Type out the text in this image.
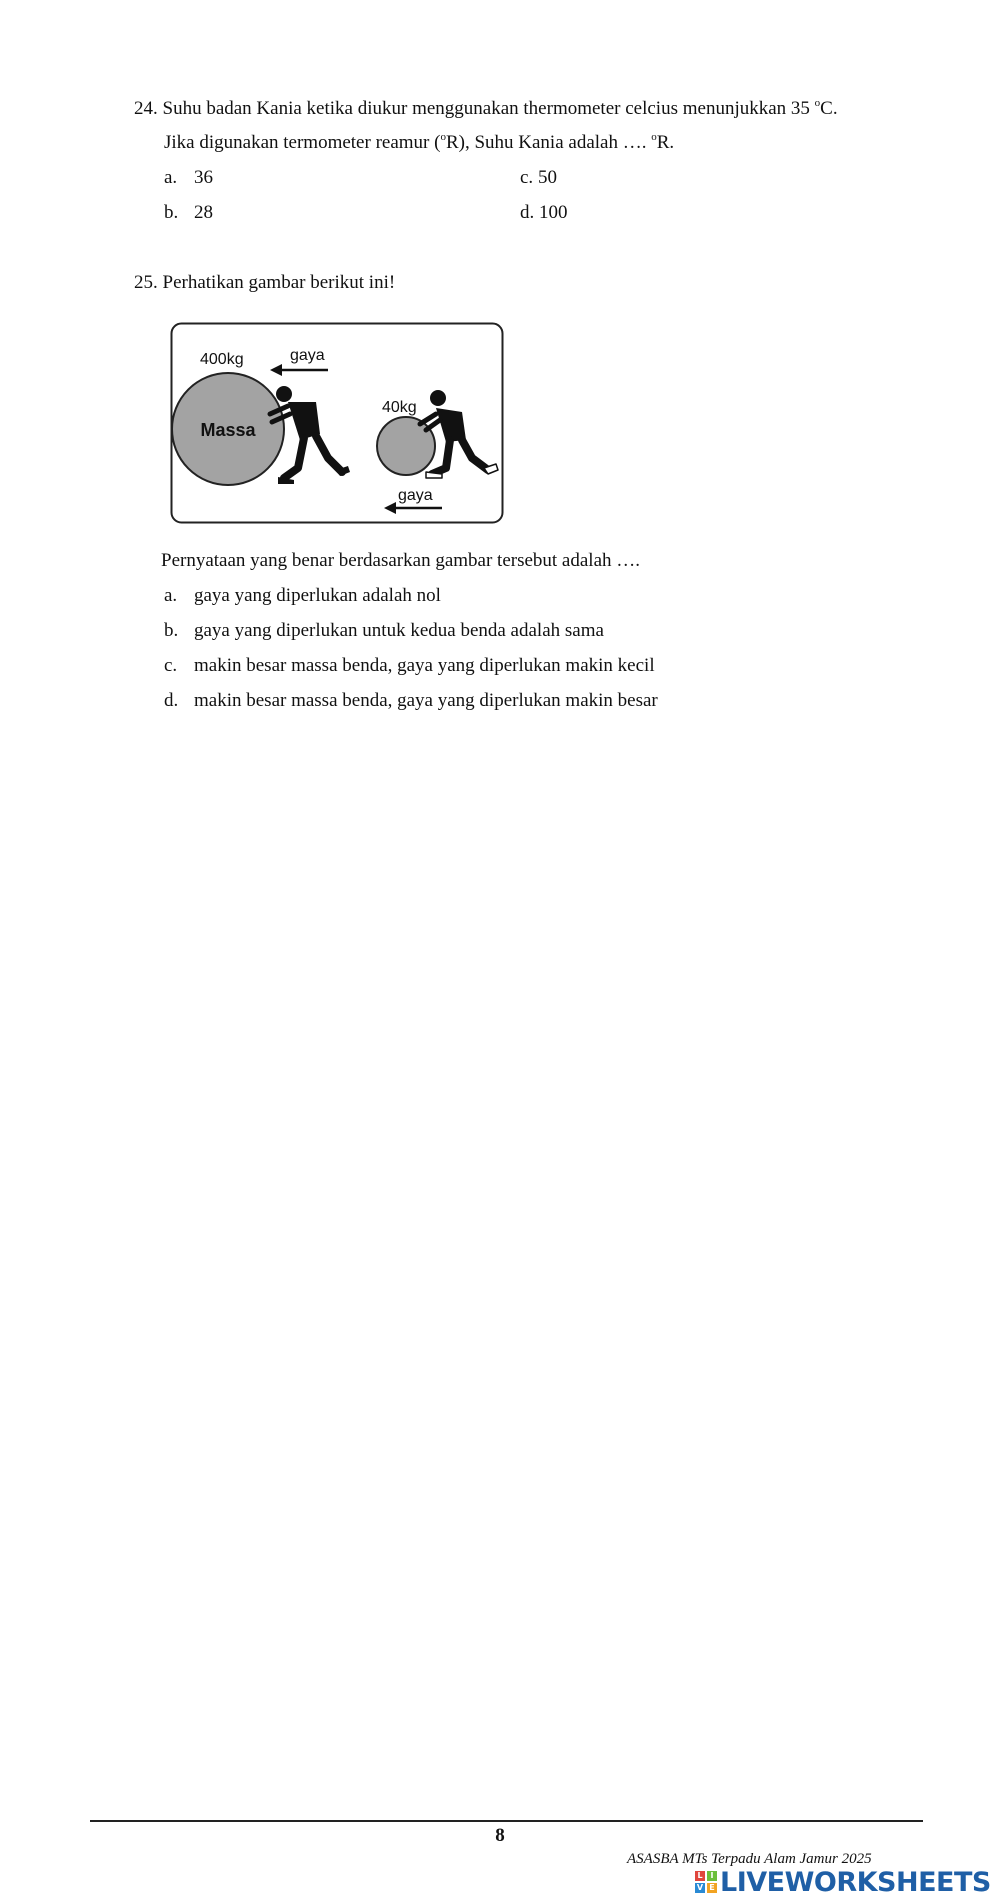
24. Suhu badan Kania ketika diukur menggunakan thermometer celcius menunjukkan 35 $^o$C.
Jika digunakan termometer reamur ($^o$R), Suhu Kania adalah …. $^o$R.
a. 36
b. 28
c. 50
d. 100
25. Perhatikan gambar berikut ini!
Massa
400kg	gaya
40kg
gaya
Pernyataan yang benar berdasarkan gambar tersebut adalah ….
a. gaya yang diperlukan adalah nol
b. gaya yang diperlukan untuk kedua benda adalah sama
c. makin besar massa benda, gaya yang diperlukan makin kecil
d. makin besar massa benda, gaya yang diperlukan makin besar
8
ASASBA MTs Terpadu Alam Jamur 2025
L I
V E LIVEWORKSHEETS
